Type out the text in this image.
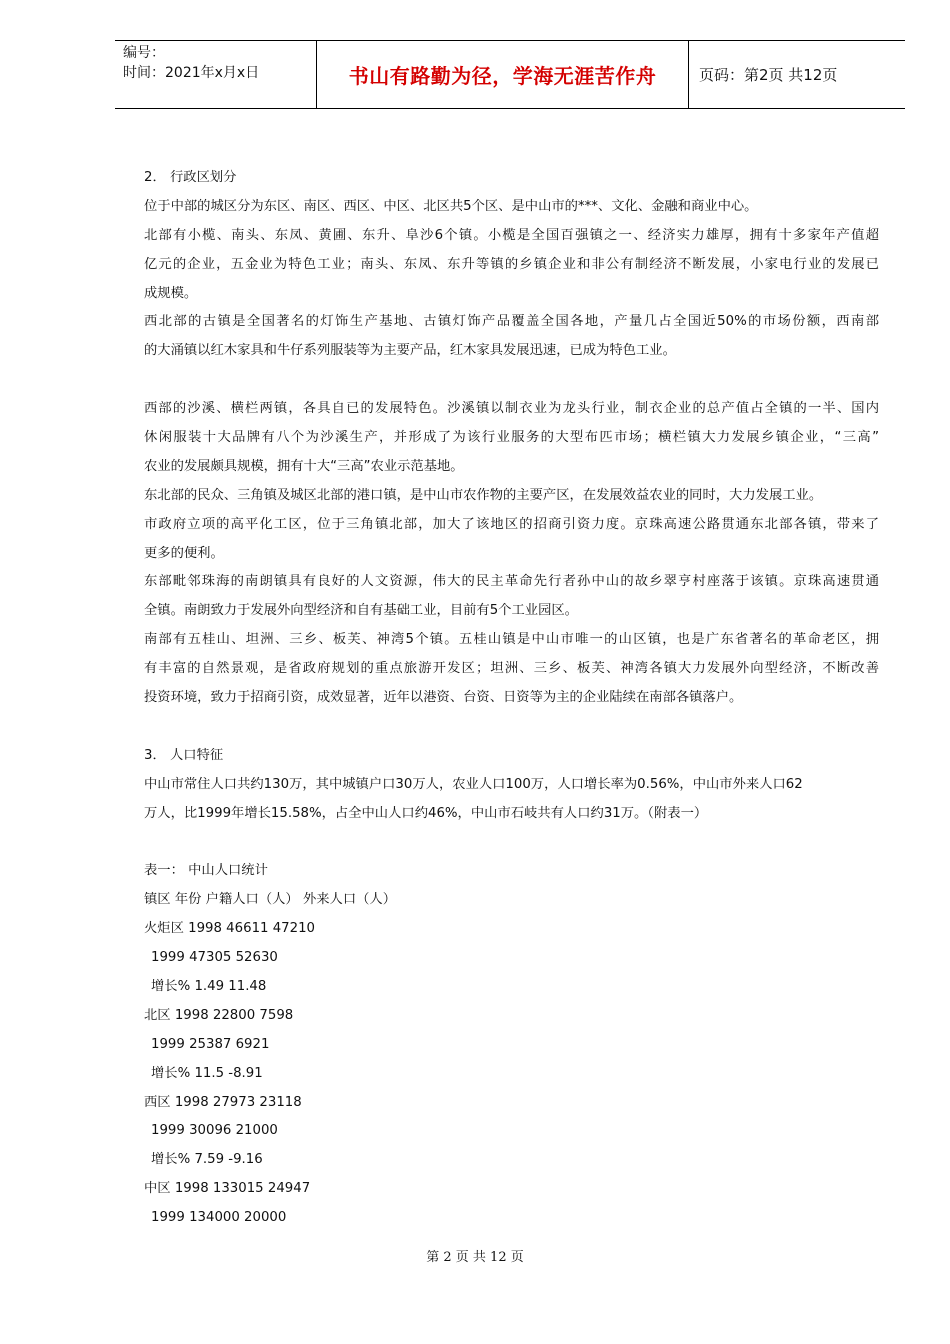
编号：
时间：2021年x月x日	书山有路勤为径，学海无涯苦作舟	页码：第2页 共12页
2． 行政区划分
位于中部的城区分为东区、南区、西区、中区、北区共5个区、是中山市的***、文化、金融和商业中心。
北部有小榄、南头、东凤、黄圃、东升、阜沙6个镇。小榄是全国百强镇之一、经济实力雄厚，拥有十多家年产值超
亿元的企业，五金业为特色工业；南头、东凤、东升等镇的乡镇企业和非公有制经济不断发展，小家电行业的发展已
成规模。
西北部的古镇是全国著名的灯饰生产基地、古镇灯饰产品覆盖全国各地，产量几占全国近50%的市场份额，西南部
的大涌镇以红木家具和牛仔系列服装等为主要产品，红木家具发展迅速，已成为特色工业。
西部的沙溪、横栏两镇，各具自已的发展特色。沙溪镇以制衣业为龙头行业，制衣企业的总产值占全镇的一半、国内
休闲服装十大品牌有八个为沙溪生产，并形成了为该行业服务的大型布匹市场；横栏镇大力发展乡镇企业，“三高”
农业的发展颇具规模，拥有十大“三高”农业示范基地。
东北部的民众、三角镇及城区北部的港口镇，是中山市农作物的主要产区，在发展效益农业的同时，大力发展工业。
市政府立项的高平化工区，位于三角镇北部，加大了该地区的招商引资力度。京珠高速公路贯通东北部各镇，带来了
更多的便利。
东部毗邻珠海的南朗镇具有良好的人文资源，伟大的民主革命先行者孙中山的故乡翠亨村座落于该镇。京珠高速贯通
全镇。南朗致力于发展外向型经济和自有基础工业，目前有5个工业园区。
南部有五桂山、坦洲、三乡、板芙、神湾5个镇。五桂山镇是中山市唯一的山区镇，也是广东省著名的革命老区，拥
有丰富的自然景观，是省政府规划的重点旅游开发区；坦洲、三乡、板芙、神湾各镇大力发展外向型经济，不断改善
投资环境，致力于招商引资，成效显著，近年以港资、台资、日资等为主的企业陆续在南部各镇落户。
3． 人口特征
中山市常住人口共约130万，其中城镇户口30万人，农业人口100万，人口增长率为0.56%，中山市外来人口62
万人，比1999年增长15.58%，占全中山人口约46%，中山市石岐共有人口约31万。（附表一）
表一： 中山人口统计
镇区 年份 户籍人口（人） 外来人口（人）
火炬区 1998 46611 47210
1999 47305 52630
增长% 1.49 11.48
北区 1998 22800 7598
1999 25387 6921
增长% 11.5 -8.91
西区 1998 27973 23118
1999 30096 21000
增长% 7.59 -9.16
中区 1998 133015 24947
1999 134000 20000
第 2 页 共 12 页
